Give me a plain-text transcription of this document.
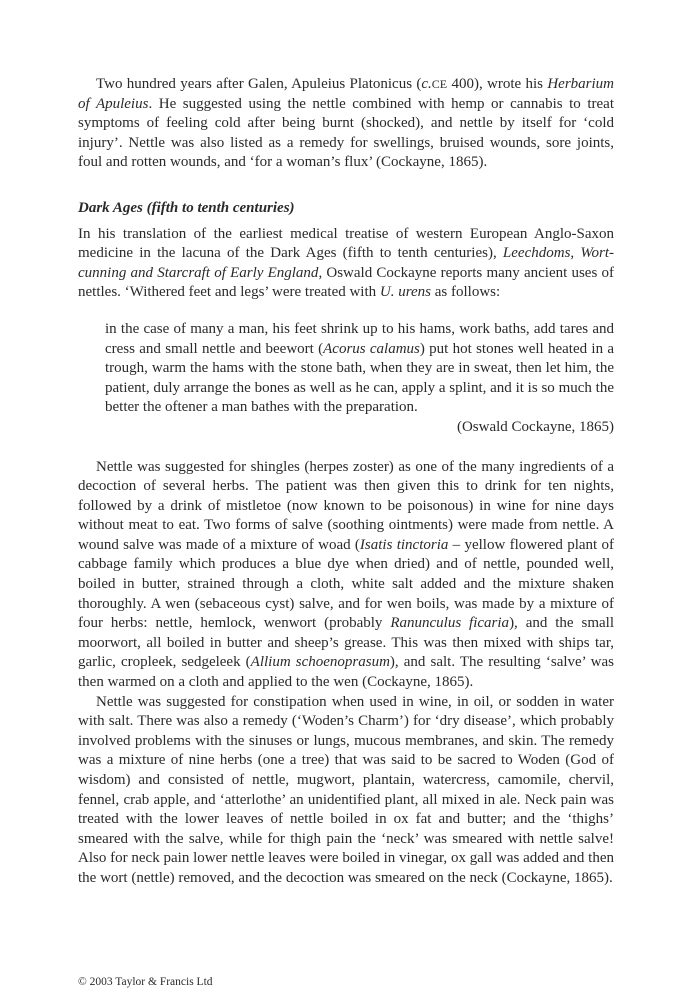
Two hundred years after Galen, Apuleius Platonicus (c.CE 400), wrote his Herbarium of Apuleius. He suggested using the nettle combined with hemp or cannabis to treat symptoms of feeling cold after being burnt (shocked), and nettle by itself for ‘cold injury’. Nettle was also listed as a remedy for swellings, bruised wounds, sore joints, foul and rotten wounds, and ‘for a woman’s flux’ (Cockayne, 1865).

Dark Ages (fifth to tenth centuries)

In his translation of the earliest medical treatise of western European Anglo-Saxon medicine in the lacuna of the Dark Ages (fifth to tenth centuries), Leechdoms, Wort-cunning and Starcraft of Early England, Oswald Cockayne reports many ancient uses of nettles. ‘Withered feet and legs’ were treated with U. urens as follows:

in the case of many a man, his feet shrink up to his hams, work baths, add tares and cress and small nettle and beewort (Acorus calamus) put hot stones well heated in a trough, warm the hams with the stone bath, when they are in sweat, then let him, the patient, duly arrange the bones as well as he can, apply a splint, and it is so much the better the oftener a man bathes with the preparation.

(Oswald Cockayne, 1865)

Nettle was suggested for shingles (herpes zoster) as one of the many ingredients of a decoction of several herbs. The patient was then given this to drink for ten nights, followed by a drink of mistletoe (now known to be poisonous) in wine for nine days without meat to eat. Two forms of salve (soothing ointments) were made from nettle. A wound salve was made of a mixture of woad (Isatis tinctoria – yellow flowered plant of cabbage family which produces a blue dye when dried) and of nettle, pounded well, boiled in butter, strained through a cloth, white salt added and the mixture shaken thoroughly. A wen (sebaceous cyst) salve, and for wen boils, was made by a mixture of four herbs: nettle, hemlock, wenwort (probably Ranunculus ficaria), and the small moorwort, all boiled in butter and sheep’s grease. This was then mixed with ships tar, garlic, cropleek, sedgeleek (Allium schoenoprasum), and salt. The resulting ‘salve’ was then warmed on a cloth and applied to the wen (Cockayne, 1865).

Nettle was suggested for constipation when used in wine, in oil, or sodden in water with salt. There was also a remedy (‘Woden’s Charm’) for ‘dry disease’, which probably involved problems with the sinuses or lungs, mucous membranes, and skin. The remedy was a mixture of nine herbs (one a tree) that was said to be sacred to Woden (God of wisdom) and consisted of nettle, mugwort, plantain, watercress, camomile, chervil, fennel, crab apple, and ‘atterlothe’ an unidentified plant, all mixed in ale. Neck pain was treated with the lower leaves of nettle boiled in ox fat and butter; and the ‘thighs’ smeared with the salve, while for thigh pain the ‘neck’ was smeared with nettle salve! Also for neck pain lower nettle leaves were boiled in vinegar, ox gall was added and then the wort (nettle) removed, and the decoction was smeared on the neck (Cockayne, 1865).

© 2003 Taylor & Francis Ltd
